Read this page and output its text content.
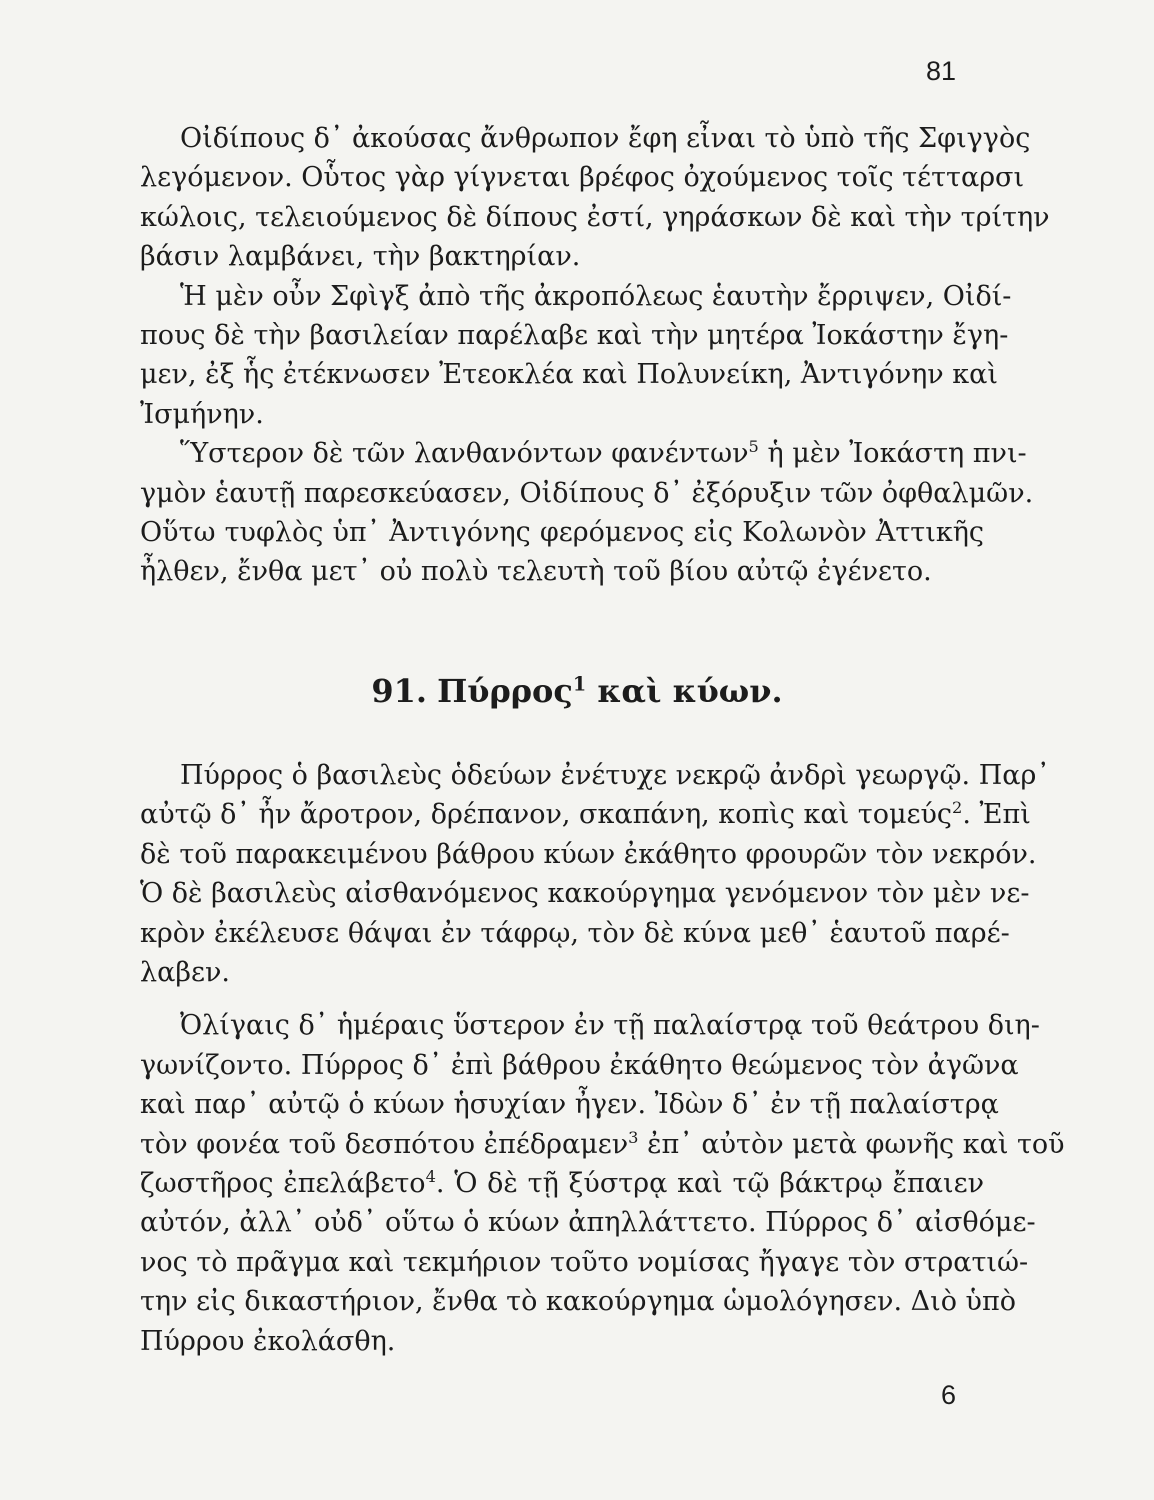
81
Οἰδίπους δ᾽ ἀκούσας ἄνθρωπον ἔφη εἶναι τὸ ὑπὸ τῆς Σφιγγὸς
λεγόμενον. Οὗτος γὰρ γίγνεται βρέφος ὀχούμενος τοῖς τέτταρσι
κώλοις, τελειούμενος δὲ δίπους ἐστί, γηράσκων δὲ καὶ τὴν τρίτην
βάσιν λαμβάνει, τὴν βακτηρίαν.
Ἡ μὲν οὖν Σφὶγξ ἀπὸ τῆς ἀκροπόλεως ἑαυτὴν ἔρριψεν, Οἰδί-
πους δὲ τὴν βασιλείαν παρέλαβε καὶ τὴν μητέρα Ἰοκάστην ἔγη-
μεν, ἐξ ἧς ἐτέκνωσεν Ἐτεοκλέα καὶ Πολυνείκη, Ἀντιγόνην καὶ
Ἰσμήνην.
Ὕστερον δὲ τῶν λανθανόντων φανέντων$^5$ ἡ μὲν Ἰοκάστη πνι-
γμὸν ἑαυτῇ παρεσκεύασεν, Οἰδίπους δ᾽ ἐξόρυξιν τῶν ὀφθαλμῶν.
Οὕτω τυφλὸς ὑπ᾽ Ἀντιγόνης φερόμενος εἰς Κολωνὸν Ἀττικῆς
ἦλθεν, ἔνθα μετ᾽ οὐ πολὺ τελευτὴ τοῦ βίου αὐτῷ ἐγένετο.
91. Πύρρος$^1$ καὶ κύων.
Πύρρος ὁ βασιλεὺς ὁδεύων ἐνέτυχε νεκρῷ ἀνδρὶ γεωργῷ. Παρ᾽
αὐτῷ δ᾽ ἦν ἄροτρον, δρέπανον, σκαπάνη, κοπὶς καὶ τομεύς$^2$. Ἐπὶ
δὲ τοῦ παρακειμένου βάθρου κύων ἐκάθητο φρουρῶν τὸν νεκρόν.
Ὁ δὲ βασιλεὺς αἰσθανόμενος κακούργημα γενόμενον τὸν μὲν νε-
κρὸν ἐκέλευσε θάψαι ἐν τάφρῳ, τὸν δὲ κύνα μεθ᾽ ἑαυτοῦ παρέ-
λαβεν.
Ὀλίγαις δ᾽ ἡμέραις ὕστερον ἐν τῇ παλαίστρᾳ τοῦ θεάτρου διη-
γωνίζοντο. Πύρρος δ᾽ ἐπὶ βάθρου ἐκάθητο θεώμενος τὸν ἀγῶνα
καὶ παρ᾽ αὐτῷ ὁ κύων ἡσυχίαν ἦγεν. Ἰδὼν δ᾽ ἐν τῇ παλαίστρᾳ
τὸν φονέα τοῦ δεσπότου ἐπέδραμεν$^3$ ἐπ᾽ αὐτὸν μετὰ φωνῆς καὶ τοῦ
ζωστῆρος ἐπελάβετο$^4$. Ὁ δὲ τῇ ξύστρᾳ καὶ τῷ βάκτρῳ ἔπαιεν
αὐτόν, ἀλλ᾽ οὐδ᾽ οὕτω ὁ κύων ἀπηλλάττετο. Πύρρος δ᾽ αἰσθόμε-
νος τὸ πρᾶγμα καὶ τεκμήριον τοῦτο νομίσας ἤγαγε τὸν στρατιώ-
την εἰς δικαστήριον, ἔνθα τὸ κακούργημα ὡμολόγησεν. Διὸ ὑπὸ
Πύρρου ἐκολάσθη.
6
